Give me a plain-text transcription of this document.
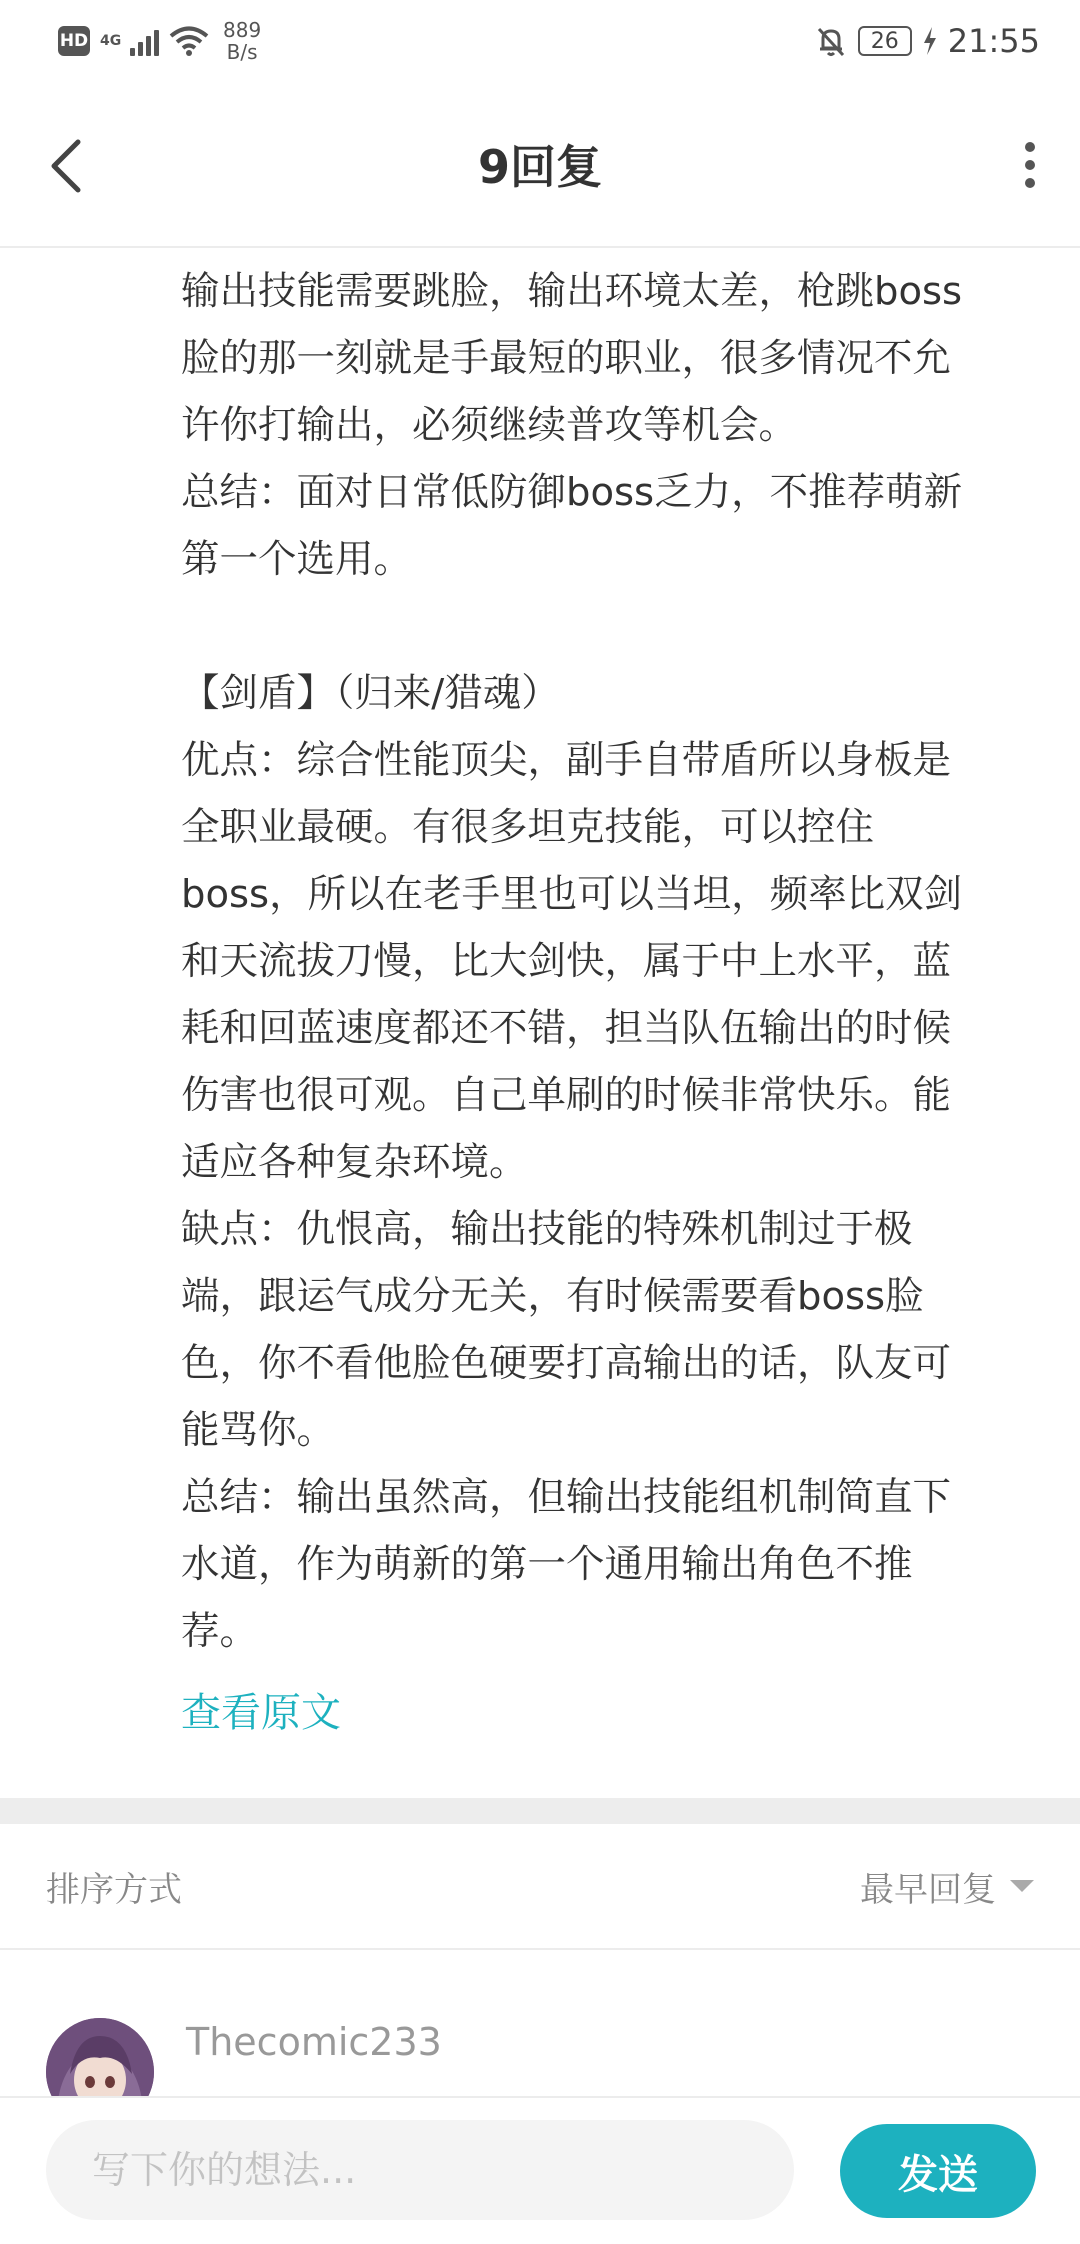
HD 4G	889
B/s	26	21:55
9回复

输出技能需要跳脸，输出环境太差，枪跳boss

脸的那一刻就是手最短的职业，很多情况不允

许你打输出，必须继续普攻等机会。

总结：面对日常低防御boss乏力，不推荐萌新

第一个选用。

【剑盾】（归来/猎魂）

优点：综合性能顶尖，副手自带盾所以身板是

全职业最硬。有很多坦克技能，可以控住

boss，所以在老手里也可以当坦，频率比双剑

和天流拔刀慢，比大剑快，属于中上水平，蓝

耗和回蓝速度都还不错，担当队伍输出的时候

伤害也很可观。自己单刷的时候非常快乐。能

适应各种复杂环境。

缺点：仇恨高，输出技能的特殊机制过于极

端，跟运气成分无关，有时候需要看boss脸

色，你不看他脸色硬要打高输出的话，队友可

能骂你。

总结：输出虽然高，但输出技能组机制简直下

水道，作为萌新的第一个通用输出角色不推

荐。

查看原文
排序方式	最早回复
Thecomic233
写下你的想法...
发送
